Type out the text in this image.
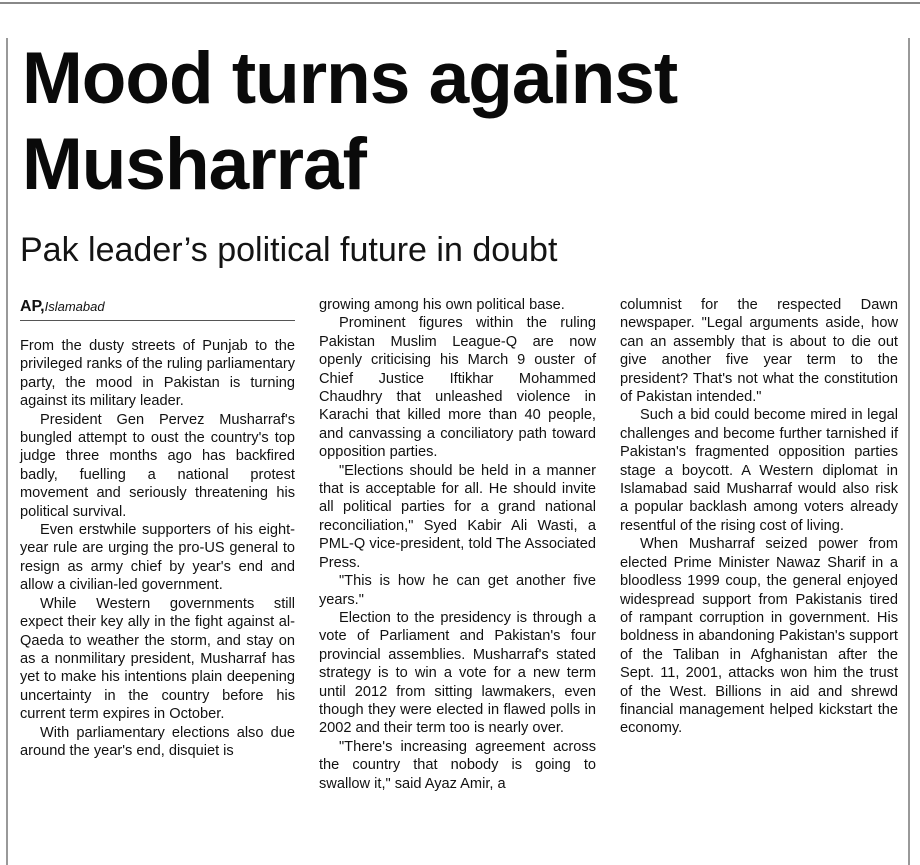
Mood turns against Musharraf
Pak leader’s political future in doubt
AP,Islamabad

From the dusty streets of Punjab to the privileged ranks of the ruling parliamentary party, the mood in Pakistan is turning against its military leader.

President Gen Pervez Musharraf's bungled attempt to oust the country's top judge three months ago has backfired badly, fuelling a national protest movement and seriously threatening his political survival.

Even erstwhile supporters of his eight-year rule are urging the pro-US general to resign as army chief by year's end and allow a civilian-led government.

While Western governments still expect their key ally in the fight against al-Qaeda to weather the storm, and stay on as a nonmilitary president, Musharraf has yet to make his intentions plain deepening uncertainty in the country before his current term expires in October.

With parliamentary elections also due around the year's end, disquiet is

growing among his own political base.

Prominent figures within the ruling Pakistan Muslim League-Q are now openly criticising his March 9 ouster of Chief Justice Iftikhar Mohammed Chaudhry that unleashed violence in Karachi that killed more than 40 people, and canvassing a conciliatory path toward opposition parties.

"Elections should be held in a manner that is acceptable for all. He should invite all political parties for a grand national reconciliation," Syed Kabir Ali Wasti, a PML-Q vice-president, told The Associated Press.

"This is how he can get another five years."

Election to the presidency is through a vote of Parliament and Pakistan's four provincial assemblies. Musharraf's stated strategy is to win a vote for a new term until 2012 from sitting lawmakers, even though they were elected in flawed polls in 2002 and their term too is nearly over.

"There's increasing agreement across the country that nobody is going to swallow it," said Ayaz Amir, a

columnist for the respected Dawn newspaper. "Legal arguments aside, how can an assembly that is about to die out give another five year term to the president? That's not what the constitution of Pakistan intended."

Such a bid could become mired in legal challenges and become further tarnished if Pakistan's fragmented opposition parties stage a boycott. A Western diplomat in Islamabad said Musharraf would also risk a popular backlash among voters already resentful of the rising cost of living.

When Musharraf seized power from elected Prime Minister Nawaz Sharif in a bloodless 1999 coup, the general enjoyed widespread support from Pakistanis tired of rampant corruption in government. His boldness in abandoning Pakistan's support of the Taliban in Afghanistan after the Sept. 11, 2001, attacks won him the trust of the West. Billions in aid and shrewd financial management helped kickstart the economy.
